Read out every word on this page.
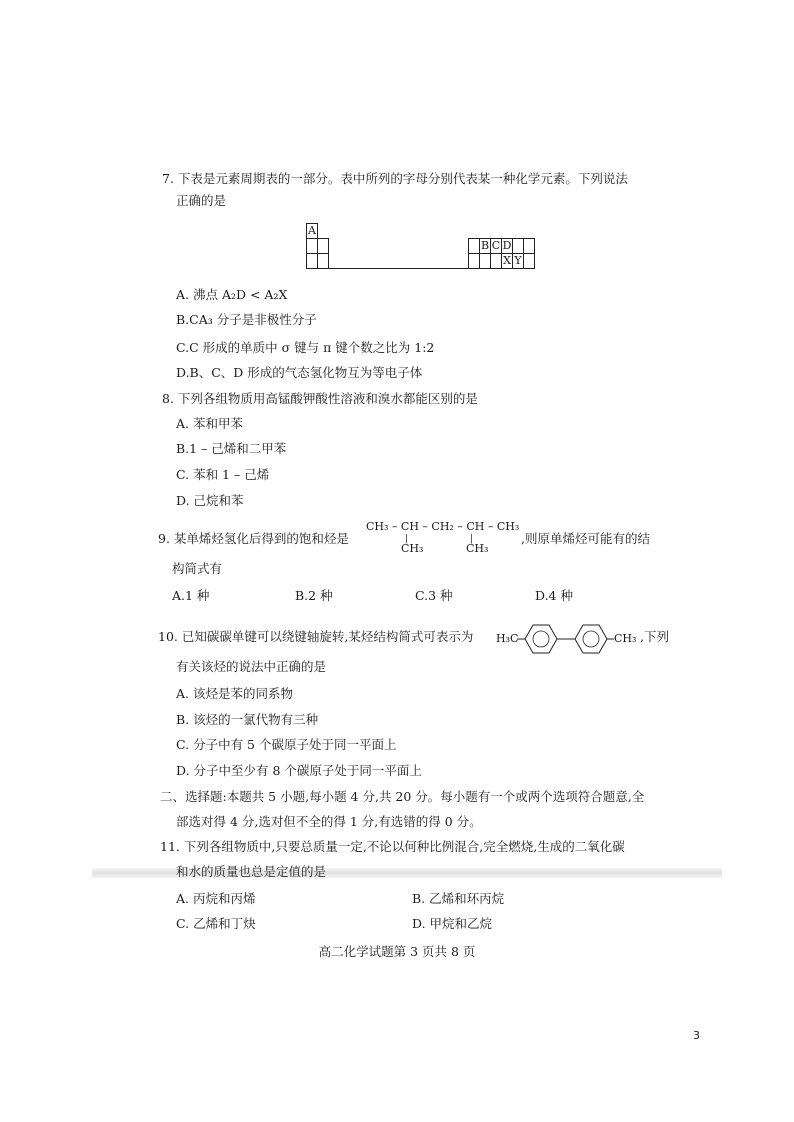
7. 下表是元素周期表的一部分。表中所列的字母分别代表某一种化学元素。下列说法
正确的是
A
B C D
X Y
A. 沸点 A₂D < A₂X
B.CA₃ 分子是非极性分子
C.C 形成的单质中 σ 键与 π 键个数之比为 1:2
D.B、C、D 形成的气态氢化物互为等电子体
8. 下列各组物质用高锰酸钾酸性溶液和溴水都能区别的是
A. 苯和甲苯
B.1 – 己烯和二甲苯
C. 苯和 1 – 己烯
D. 己烷和苯
9. 某单烯烃氢化后得到的饱和烃是
CH₃ – CH – CH₂ – CH – CH₃
|	|
CH₃	CH₃
,则原单烯烃可能有的结
构简式有
A.1 种	B.2 种	C.3 种	D.4 种
10. 已知碳碳单键可以绕键轴旋转,某烃结构简式可表示为 H₃C	CH₃ ,下列
有关该烃的说法中正确的是
A. 该烃是苯的同系物
B. 该烃的一氯代物有三种
C. 分子中有 5 个碳原子处于同一平面上
D. 分子中至少有 8 个碳原子处于同一平面上
二、选择题:本题共 5 小题,每小题 4 分,共 20 分。每小题有一个或两个选项符合题意,全
部选对得 4 分,选对但不全的得 1 分,有选错的得 0 分。
11. 下列各组物质中,只要总质量一定,不论以何种比例混合,完全燃烧,生成的二氧化碳
和水的质量也总是定值的是
A. 丙烷和丙烯	B. 乙烯和环丙烷
C. 乙烯和丁炔	D. 甲烷和乙烷
高二化学试题第 3 页共 8 页
3
